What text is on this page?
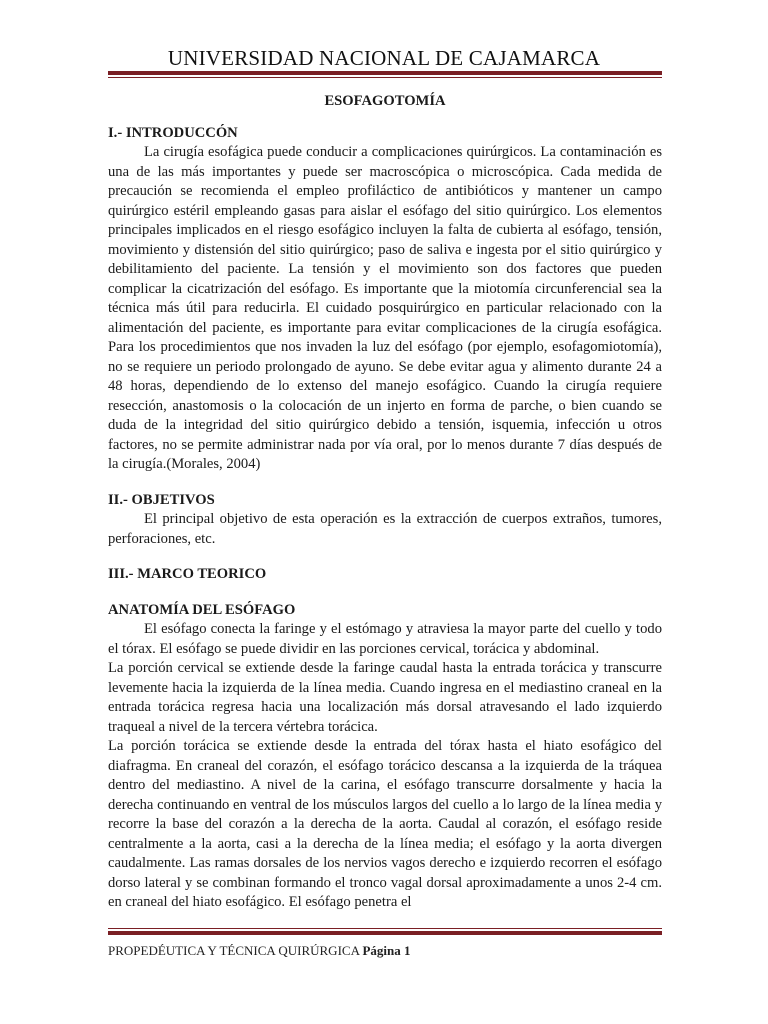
UNIVERSIDAD NACIONAL DE CAJAMARCA

ESOFAGOTOMÍA

I.- INTRODUCCÓN

La cirugía esofágica puede conducir a complicaciones quirúrgicos. La contaminación es una de las más importantes y puede ser macroscópica o microscópica. Cada medida de precaución se recomienda el empleo profiláctico de antibióticos y mantener un campo quirúrgico estéril empleando gasas para aislar el esófago del sitio quirúrgico. Los elementos principales implicados en el riesgo esofágico incluyen la falta de cubierta al esófago, tensión, movimiento y distensión del sitio quirúrgico; paso de saliva e ingesta por el sitio quirúrgico y debilitamiento del paciente. La tensión y el movimiento son dos factores que pueden complicar la cicatrización del esófago. Es importante que la miotomía circunferencial sea la técnica más útil para reducirla. El cuidado posquirúrgico en particular relacionado con la alimentación del paciente, es importante para evitar complicaciones de la cirugía esofágica. Para los procedimientos que nos invaden la luz del esófago (por ejemplo, esofagomiotomía), no se requiere un periodo prolongado de ayuno. Se debe evitar agua y alimento durante 24 a 48 horas, dependiendo de lo extenso del manejo esofágico. Cuando la cirugía requiere resección, anastomosis o la colocación de un injerto en forma de parche, o bien cuando se duda de la integridad del sitio quirúrgico debido a tensión, isquemia, infección u otros factores, no se permite administrar nada por vía oral, por lo menos durante 7 días después de la cirugía.(Morales, 2004)

II.- OBJETIVOS

El principal objetivo de esta operación es la extracción de cuerpos extraños, tumores, perforaciones, etc.

III.- MARCO TEORICO
ANATOMÍA DEL ESÓFAGO

El esófago conecta la faringe y el estómago y atraviesa la mayor parte del cuello y todo el tórax. El esófago se puede dividir en las porciones cervical, torácica y abdominal.

La porción cervical se extiende desde la faringe caudal hasta la entrada torácica y transcurre levemente hacia la izquierda de la línea media. Cuando ingresa en el mediastino craneal en la entrada torácica regresa hacia una localización más dorsal atravesando el lado izquierdo traqueal a nivel de la tercera vértebra torácica.

La porción torácica se extiende desde la entrada del tórax hasta el hiato esofágico del diafragma. En craneal del corazón, el esófago torácico descansa a la izquierda de la tráquea dentro del mediastino. A nivel de la carina, el esófago transcurre dorsalmente y hacia la derecha continuando en ventral de los músculos largos del cuello a lo largo de la línea media y recorre la base del corazón a la derecha de la aorta. Caudal al corazón, el esófago reside centralmente a la aorta, casi a la derecha de la línea media; el esófago y la aorta divergen caudalmente. Las ramas dorsales de los nervios vagos derecho e izquierdo recorren el esófago dorso lateral y se combinan formando el tronco vagal dorsal aproximadamente a unos 2-4 cm. en craneal del hiato esofágico. El esófago penetra el

PROPEDÉUTICA Y TÉCNICA QUIRÚRGICA Página 1
